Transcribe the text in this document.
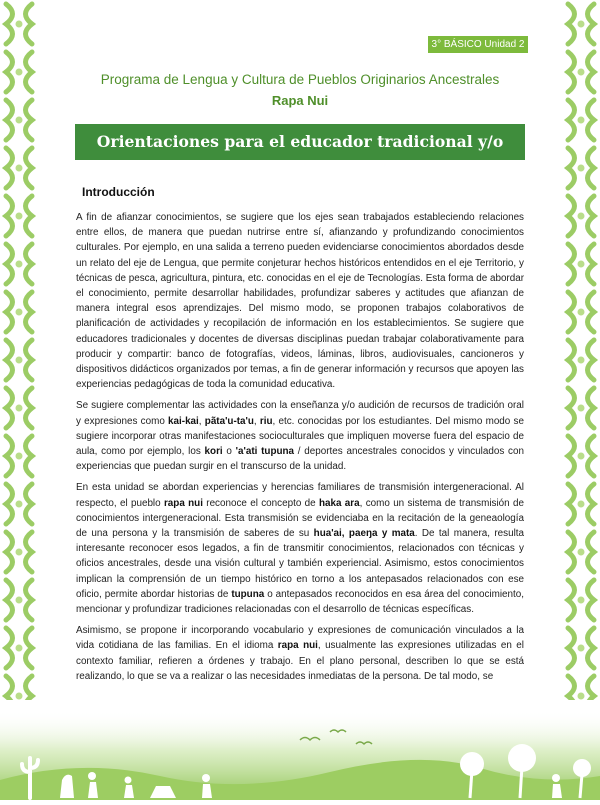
3° BÁSICO Unidad 2
Programa de Lengua y Cultura de Pueblos Originarios Ancestrales
Rapa Nui
Orientaciones para el educador tradicional y/o docente
Introducción

A fin de afianzar conocimientos, se sugiere que los ejes sean trabajados estableciendo relaciones entre ellos, de manera que puedan nutrirse entre sí, afianzando y profundizando conocimientos culturales. Por ejemplo, en una salida a terreno pueden evidenciarse conocimientos abordados desde un relato del eje de Lengua, que permite conjeturar hechos históricos entendidos en el eje Territorio, y técnicas de pesca, agricultura, pintura, etc. conocidas en el eje de Tecnologías. Esta forma de abordar el conocimiento, permite desarrollar habilidades, profundizar saberes y actitudes que afianzan de manera integral esos aprendizajes. Del mismo modo, se proponen trabajos colaborativos de planificación de actividades y recopilación de información en los establecimientos. Se sugiere que educadores tradicionales y docentes de diversas disciplinas puedan trabajar colaborativamente para producir y compartir: banco de fotografías, videos, láminas, libros, audiovisuales, cancioneros y dispositivos didácticos organizados por temas, a fin de generar información y recursos que apoyen las experiencias pedagógicas de toda la comunidad educativa.

Se sugiere complementar las actividades con la enseñanza y/o audición de recursos de tradición oral y expresiones como kai-kai, pãta'u-ta'u, riu, etc. conocidas por los estudiantes. Del mismo modo se sugiere incorporar otras manifestaciones socioculturales que impliquen moverse fuera del espacio de aula, como por ejemplo, los kori o 'a'ati tupuna / deportes ancestrales conocidos y vinculados con experiencias que puedan surgir en el transcurso de la unidad.

En esta unidad se abordan experiencias y herencias familiares de transmisión intergeneracional. Al respecto, el pueblo rapa nui reconoce el concepto de haka ara, como un sistema de transmisión de conocimientos intergeneracional. Esta transmisión se evidenciaba en la recitación de la geneaología de una persona y la transmisión de saberes de su hua'ai, paeŋa y mata. De tal manera, resulta interesante reconocer esos legados, a fin de transmitir conocimientos, relacionados con técnicas y oficios ancestrales, desde una visión cultural y también experiencial. Asimismo, estos conocimientos implican la comprensión de un tiempo histórico en torno a los antepasados relacionados con ese oficio, permite abordar historias de tupuna o antepasados reconocidos en esa área del conocimiento, mencionar y profundizar tradiciones relacionadas con el desarrollo de técnicas específicas.

Asimismo, se propone ir incorporando vocabulario y expresiones de comunicación vinculados a la vida cotidiana de las familias. En el idioma rapa nui, usualmente las expresiones utilizadas en el contexto familiar, refieren a órdenes y trabajo. En el plano personal, describen lo que se está realizando, lo que se va a realizar o las necesidades inmediatas de la persona. De tal modo, se
